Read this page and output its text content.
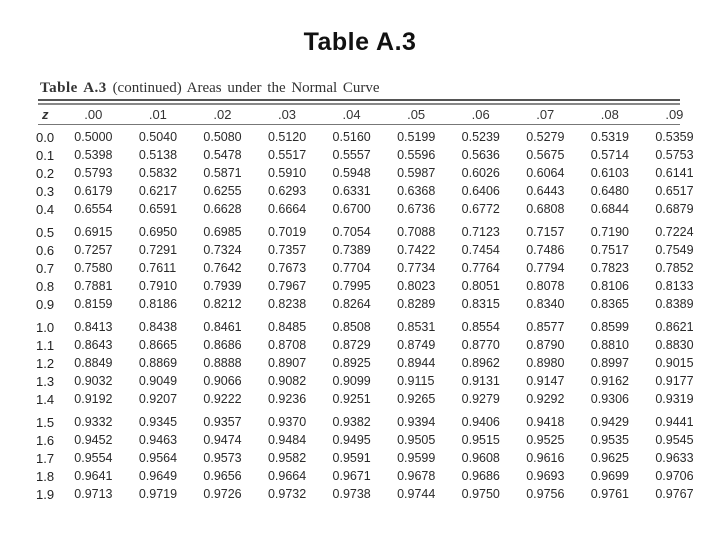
Table A.3
Table A.3 (continued) Areas under the Normal Curve
z	.00	.01	.02	.03	.04	.05	.06	.07	.08	.09
0.0	0.5000	0.5040	0.5080	0.5120	0.5160	0.5199	0.5239	0.5279	0.5319	0.5359
0.1	0.5398	0.5138	0.5478	0.5517	0.5557	0.5596	0.5636	0.5675	0.5714	0.5753
0.2	0.5793	0.5832	0.5871	0.5910	0.5948	0.5987	0.6026	0.6064	0.6103	0.6141
0.3	0.6179	0.6217	0.6255	0.6293	0.6331	0.6368	0.6406	0.6443	0.6480	0.6517
0.4	0.6554	0.6591	0.6628	0.6664	0.6700	0.6736	0.6772	0.6808	0.6844	0.6879
0.5	0.6915	0.6950	0.6985	0.7019	0.7054	0.7088	0.7123	0.7157	0.7190	0.7224
0.6	0.7257	0.7291	0.7324	0.7357	0.7389	0.7422	0.7454	0.7486	0.7517	0.7549
0.7	0.7580	0.7611	0.7642	0.7673	0.7704	0.7734	0.7764	0.7794	0.7823	0.7852
0.8	0.7881	0.7910	0.7939	0.7967	0.7995	0.8023	0.8051	0.8078	0.8106	0.8133
0.9	0.8159	0.8186	0.8212	0.8238	0.8264	0.8289	0.8315	0.8340	0.8365	0.8389
1.0	0.8413	0.8438	0.8461	0.8485	0.8508	0.8531	0.8554	0.8577	0.8599	0.8621
1.1	0.8643	0.8665	0.8686	0.8708	0.8729	0.8749	0.8770	0.8790	0.8810	0.8830
1.2	0.8849	0.8869	0.8888	0.8907	0.8925	0.8944	0.8962	0.8980	0.8997	0.9015
1.3	0.9032	0.9049	0.9066	0.9082	0.9099	0.9115	0.9131	0.9147	0.9162	0.9177
1.4	0.9192	0.9207	0.9222	0.9236	0.9251	0.9265	0.9279	0.9292	0.9306	0.9319
1.5	0.9332	0.9345	0.9357	0.9370	0.9382	0.9394	0.9406	0.9418	0.9429	0.9441
1.6	0.9452	0.9463	0.9474	0.9484	0.9495	0.9505	0.9515	0.9525	0.9535	0.9545
1.7	0.9554	0.9564	0.9573	0.9582	0.9591	0.9599	0.9608	0.9616	0.9625	0.9633
1.8	0.9641	0.9649	0.9656	0.9664	0.9671	0.9678	0.9686	0.9693	0.9699	0.9706
1.9	0.9713	0.9719	0.9726	0.9732	0.9738	0.9744	0.9750	0.9756	0.9761	0.9767
